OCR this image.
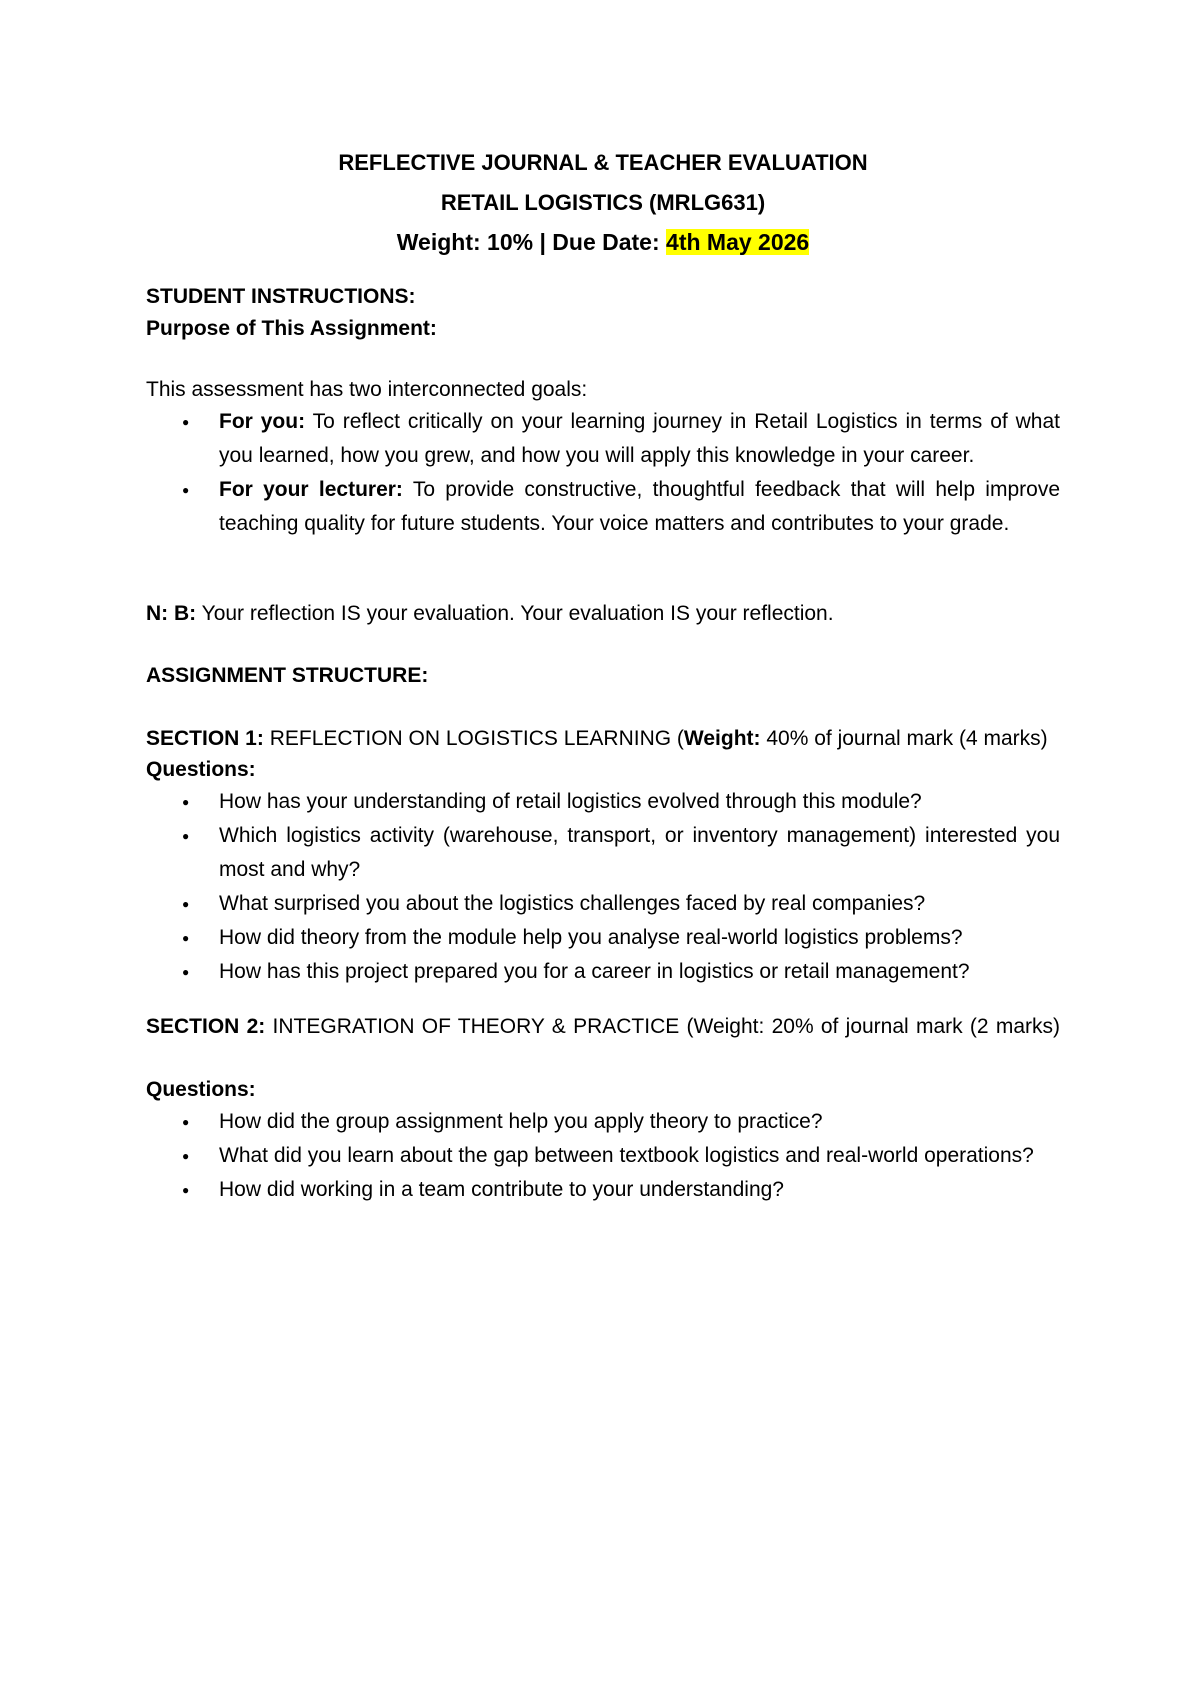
REFLECTIVE JOURNAL & TEACHER EVALUATION
RETAIL LOGISTICS (MRLG631)
Weight: 10% | Due Date: 4th May 2026
STUDENT INSTRUCTIONS:
Purpose of This Assignment:
This assessment has two interconnected goals:
● For you: To reflect critically on your learning journey in Retail Logistics in terms of what you learned, how you grew, and how you will apply this knowledge in your career.
● For your lecturer: To provide constructive, thoughtful feedback that will help improve teaching quality for future students. Your voice matters and contributes to your grade.
N: B: Your reflection IS your evaluation. Your evaluation IS your reflection.
ASSIGNMENT STRUCTURE:
SECTION 1: REFLECTION ON LOGISTICS LEARNING (Weight: 40% of journal mark (4 marks)
Questions:
● How has your understanding of retail logistics evolved through this module?
● Which logistics activity (warehouse, transport, or inventory management) interested you most and why?
● What surprised you about the logistics challenges faced by real companies?
● How did theory from the module help you analyse real-world logistics problems?
● How has this project prepared you for a career in logistics or retail management?
SECTION 2: INTEGRATION OF THEORY & PRACTICE (Weight: 20% of journal mark (2 marks)
Questions:
● How did the group assignment help you apply theory to practice?
● What did you learn about the gap between textbook logistics and real-world operations?
● How did working in a team contribute to your understanding?
